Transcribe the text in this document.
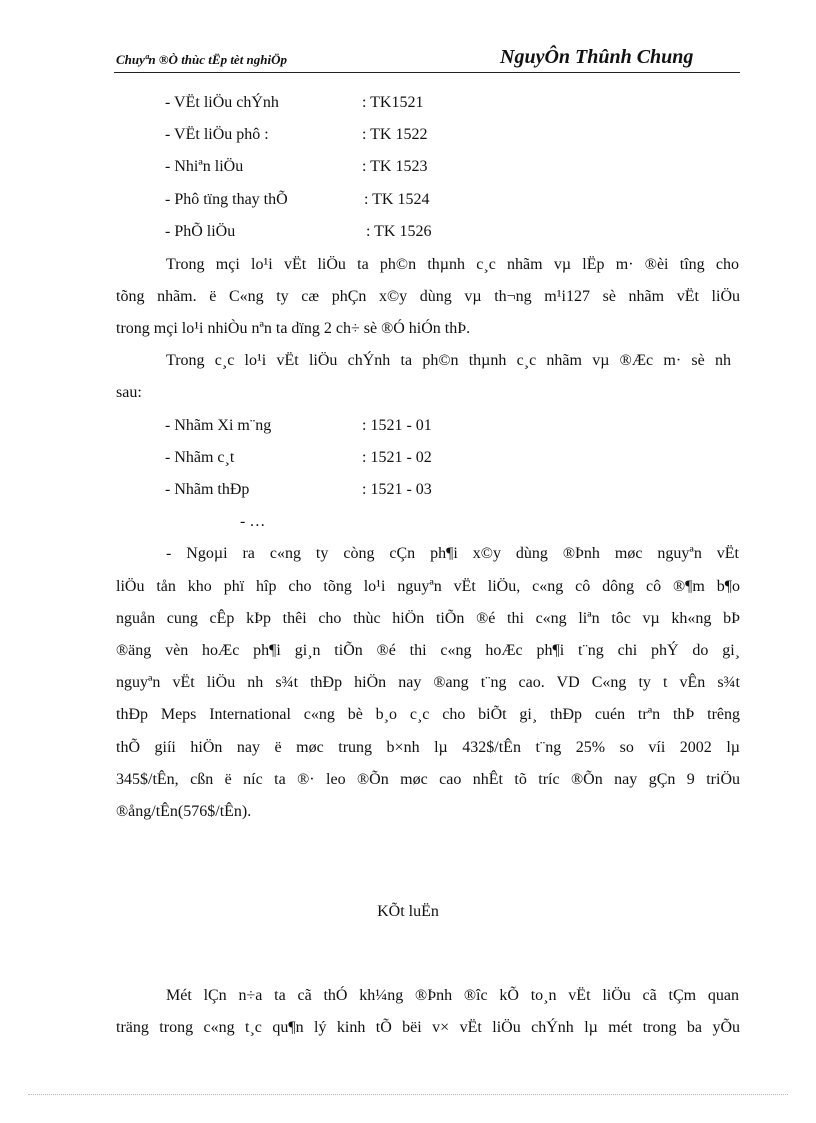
Chuyªn ®Ò thùc tËp tèt nghiÖp	NguyÔn Thûnh Chung
- VËt liÖu chÝnh	: TK1521
- VËt liÖu phô :	: TK 1522
- Nhiªn liÖu	: TK 1523
- Phô tïng thay thÕ	: TK 1524
- PhÕ liÖu	: TK 1526
Trong mçi lo¹i vËt liÖu ta ph©n thµnh c¸c nhãm vµ lËp m· ®èi tîng cho
tõng nhãm. ë C«ng ty cæ phÇn x©y dùng vµ th¬ng m¹i127 sè nhãm vËt liÖu
trong mçi lo¹i nhiÒu nªn ta dïng 2 ch÷ sè ®Ó hiÓn thÞ.
Trong c¸c lo¹i vËt liÖu chÝnh ta ph©n thµnh c¸c nhãm vµ ®Æc m· sè nh
sau:
- Nhãm Xi m¨ng	: 1521 - 01
- Nhãm c¸t	: 1521 - 02
- Nhãm thÐp	: 1521 - 03
- …
- Ngoµi ra c«ng ty còng cÇn ph¶i x©y dùng ®Þnh møc nguyªn vËt
liÖu tån kho phï hîp cho tõng lo¹i nguyªn vËt liÖu, c«ng cô dông cô ®¶m b¶o
nguån cung cÊp kÞp thêi cho thùc hiÖn tiÕn ®é thi c«ng liªn tôc vµ kh«ng bÞ
®äng vèn hoÆc ph¶i gi¸n tiÕn ®é thi c«ng hoÆc ph¶i t¨ng chi phÝ do gi¸
nguyªn vËt liÖu nh s¾t thÐp hiÖn nay ®ang t¨ng cao. VD C«ng ty t vÊn s¾t
thÐp Meps International c«ng bè b¸o c¸c cho biÕt gi¸ thÐp cuén trªn thÞ trêng
thÕ giíi hiÖn nay ë møc trung b×nh lµ 432$/tÊn t¨ng 25% so víi 2002 lµ
345$/tÊn, cßn ë níc ta ®· leo ®Õn møc cao nhÊt tõ tríc ®Õn nay gÇn 9 triÖu
®ång/tÊn(576$/tÊn).
KÕt luËn
Mét lÇn n÷a ta cã thÓ kh¼ng ®Þnh ®îc kÕ to¸n vËt liÖu cã tÇm quan
träng trong c«ng t¸c qu¶n lý kinh tÕ bëi v× vËt liÖu chÝnh lµ mét trong ba yÕu
